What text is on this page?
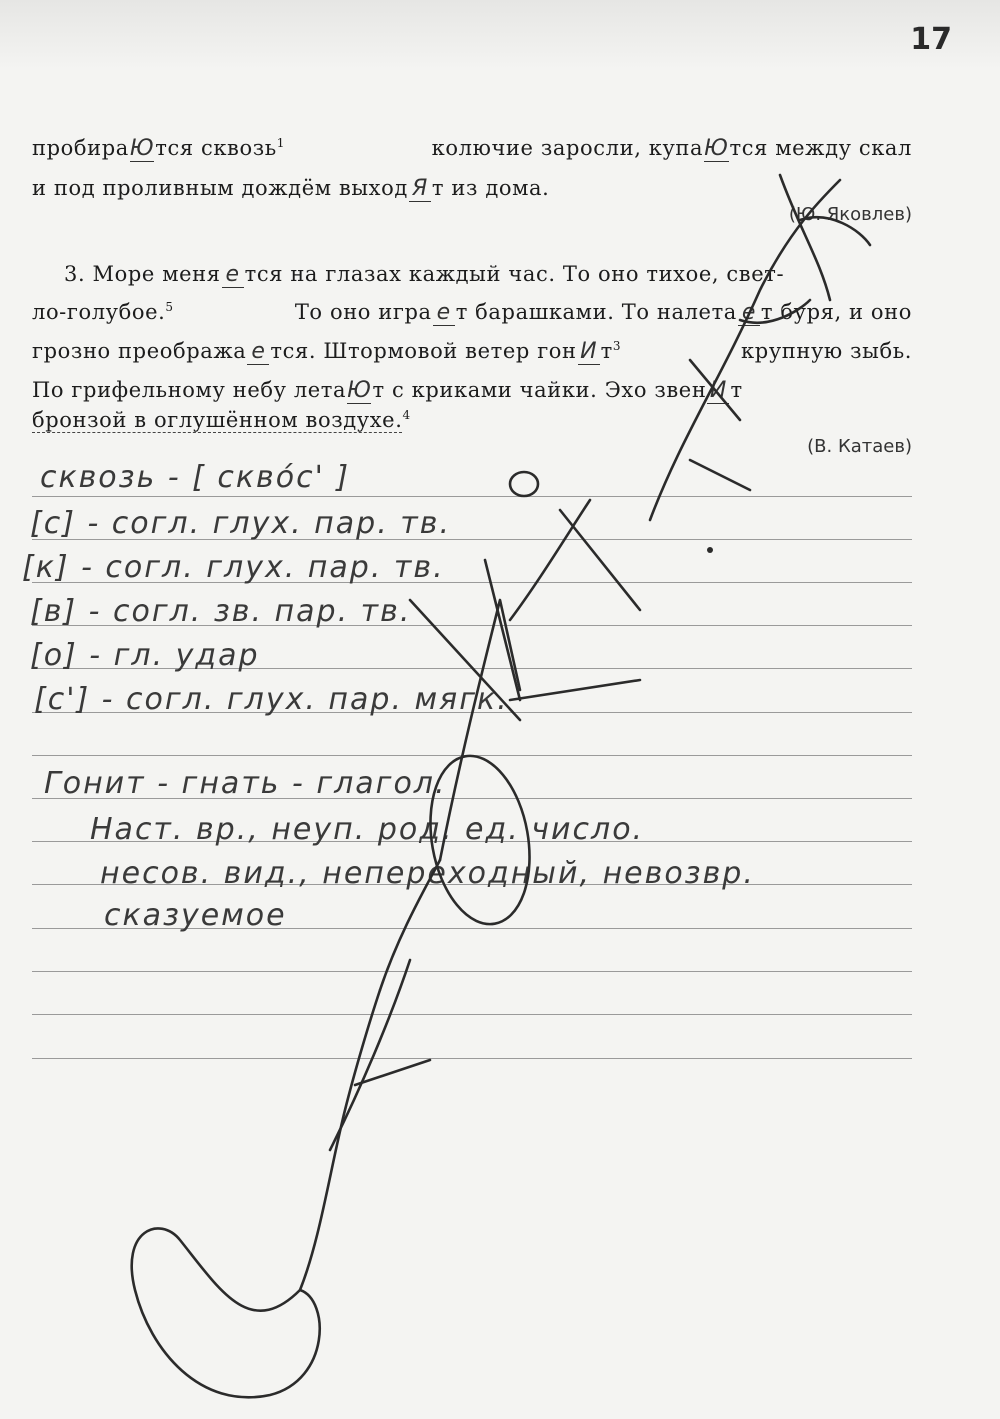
17
пробираЮтся сквозь$^1$	колючие заросли, купаЮтся между скал
и под проливным дождём выход Я т из дома.
(Ю. Яковлев)
3. Море меня е тся на глазах каждый час. То оно тихое, свет-
ло-голубое.$^5$	То оно игра е т барашками. То налета е т буря, и оно
грозно преобража е тся. Штормовой ветер гон И $т^3$	крупную зыбь.
По грифельному небу летаЮт с криками чайки. Эхо звен И т
бронзой в оглушённом воздухе. 4
(В. Катаев)
сквозь - [ скво́с' ]
[с] - согл. глух. пар. тв.
[к] - согл. глух. пар. тв.
[в] - согл. зв. пар. тв.
[о] - гл. удар
[с'] - согл. глух. пар. мягк.
Гонит - гнать - глагол.
Наст. вр., неуп. род. ед. число.
несов. вид., непереходный, невозвр.
сказуемое
